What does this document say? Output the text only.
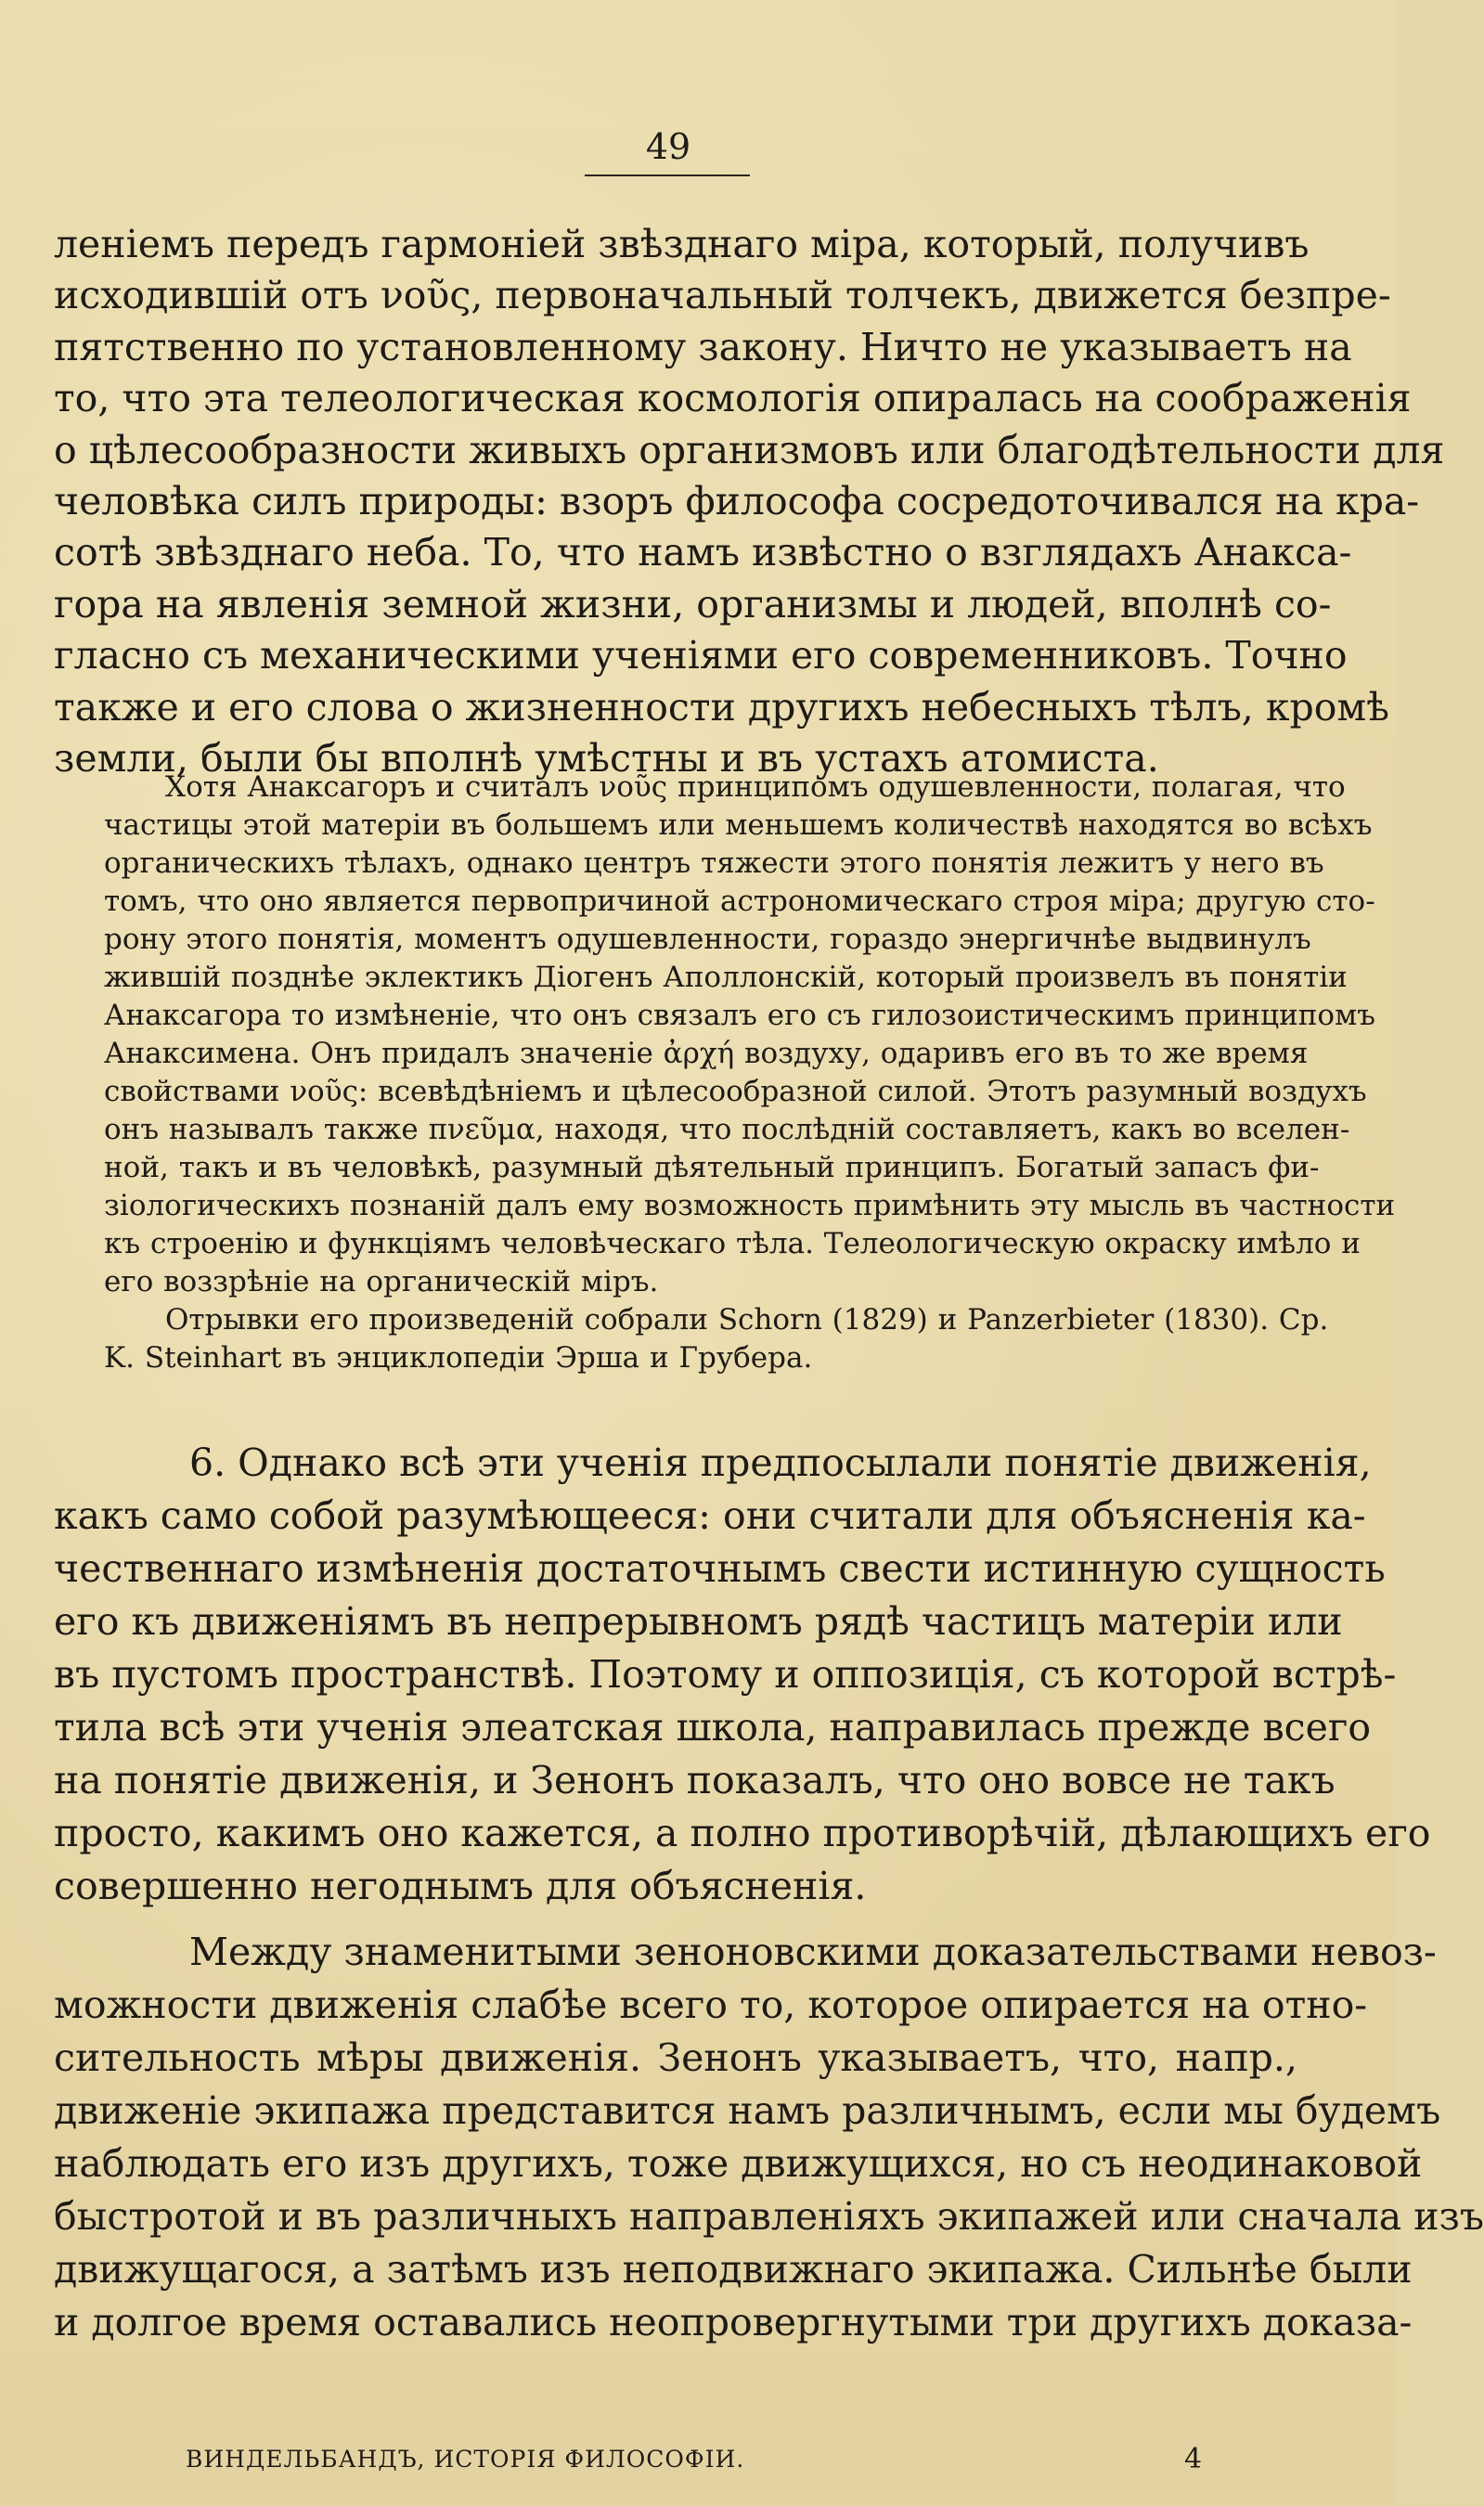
49
ленiемъ передъ гармонiей звѣзднаго мiра, который, получивъ
исходившiй отъ νοῦς, первоначальный толчекъ, движется безпре-
пятственно по установленному закону. Ничто не указываетъ на
то, что эта телеологическая космологiя опиралась на соображенiя
о цѣлесообразности живыхъ организмовъ или благодѣтельности для
человѣка силъ природы: взоръ философа сосредоточивался на кра-
сотѣ звѣзднаго неба. То, что намъ извѣстно о взглядахъ Анакса-
гора на явленiя земной жизни, организмы и людей, вполнѣ со-
гласно съ механическими ученiями его современниковъ. Точно
также и его слова о жизненности другихъ небесныхъ тѣлъ, кромѣ
земли, были бы вполнѣ умѣстны и въ устахъ атомиста.
Хотя Анаксагоръ и считалъ νοῦς принципомъ одушевленности, полагая, что
частицы этой матерiи въ большемъ или меньшемъ количествѣ находятся во всѣхъ
органическихъ тѣлахъ, однако центръ тяжести этого понятiя лежитъ у него въ
томъ, что оно является первопричиной астрономическаго строя мiра; другую сто-
рону этого понятiя, моментъ одушевленности, гораздо энергичнѣе выдвинулъ
жившiй позднѣе эклектикъ Дiогенъ Аполлонскiй, который произвелъ въ понятiи
Анаксагора то измѣненiе, что онъ связалъ его съ гилозоистическимъ принципомъ
Анаксимена. Онъ придалъ значенiе ἀρχή воздуху, одаривъ его въ то же время
свойствами νοῦς: всевѣдѣнiемъ и цѣлесообразной силой. Этотъ разумный воздухъ
онъ называлъ также πνεῦμα, находя, что послѣднiй составляетъ, какъ во вселен-
ной, такъ и въ человѣкѣ, разумный дѣятельный принципъ. Богатый запасъ фи-
зiологическихъ познанiй далъ ему возможность примѣнить эту мысль въ частности
къ строенiю и функцiямъ человѣческаго тѣла. Телеологическую окраску имѣло и
его воззрѣнiе на органическiй мiръ.
Отрывки его произведенiй собрали Schorn (1829) и Panzerbieter (1830). Ср.
K. Steinhart въ энциклопедiи Эрша и Грубера.
6. Однако всѣ эти ученiя предпосылали понятiе движенiя,
какъ само собой разумѣющееся: они считали для объясненiя ка-
чественнаго измѣненiя достаточнымъ свести истинную сущность
его къ движенiямъ въ непрерывномъ рядѣ частицъ матерiи или
въ пустомъ пространствѣ. Поэтому и оппозицiя, съ которой встрѣ-
тила всѣ эти ученiя элеатская школа, направилась прежде всего
на понятiе движенiя, и Зенонъ показалъ, что оно вовсе не такъ
просто, какимъ оно кажется, а полно противорѣчiй, дѣлающихъ его
совершенно негоднымъ для объясненiя.
Между знаменитыми зеноновскими доказательствами невоз-
можности движенiя слабѣе всего то, которое опирается на отно-
сительность мѣры движенiя. Зенонъ указываетъ, что, напр.,
движенiе экипажа представится намъ различнымъ, если мы будемъ
наблюдать его изъ другихъ, тоже движущихся, но съ неодинаковой
быстротой и въ различныхъ направленiяхъ экипажей или сначала изъ
движущагося, а затѣмъ изъ неподвижнаго экипажа. Сильнѣе были
и долгое время оставались неопровергнутыми три другихъ доказа-
ВИНДЕЛЬБАНДЪ, ИСТОРIЯ ФИЛОСОФIИ.	4
